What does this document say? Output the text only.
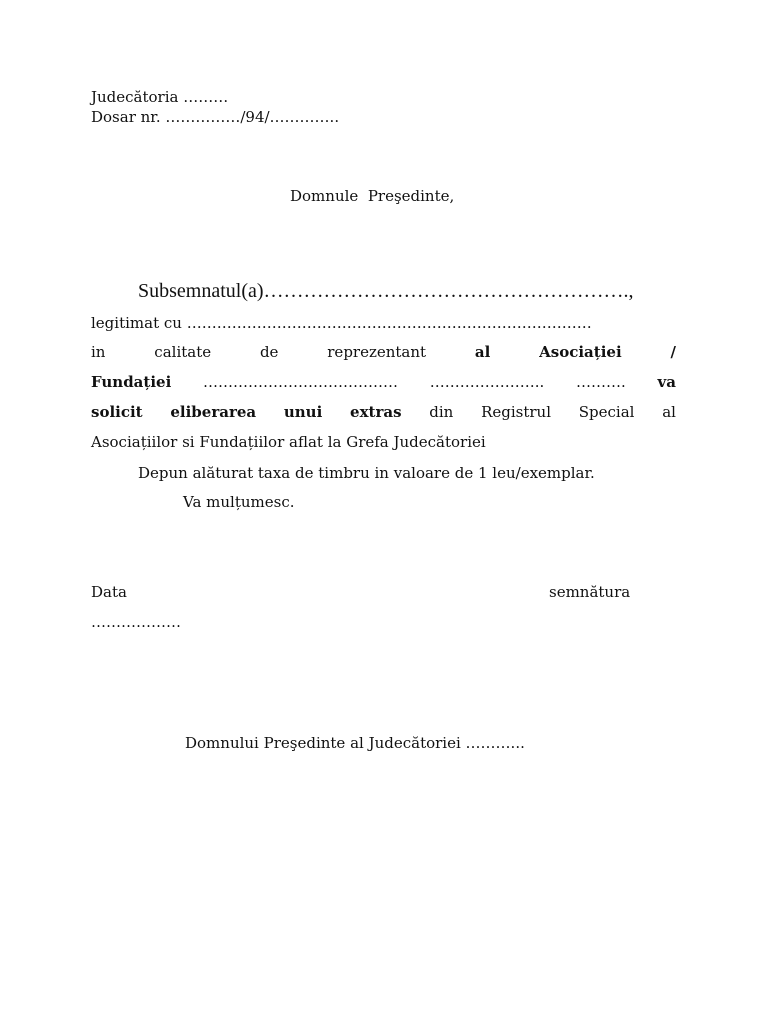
Judecătoria ………
Dosar nr. ……………/94/…………..
Domnule  Preşedinte,
Subsemnatul(a)……………………………………………….,
legitimat cu ………………………………………………………………………
in	calitate	de	reprezentant	al	Asociației	/
Fundației ………………………………… ………………….. ………. va
solicit eliberarea unui extras din Registrul Special al
Asociațiilor si Fundațiilor aflat la Grefa Judecătoriei
Depun alăturat taxa de timbru in valoare de 1 leu/exemplar.
Va mulțumesc.
Data	semnătura
………………
Domnului Preşedinte al Judecătoriei ………...
